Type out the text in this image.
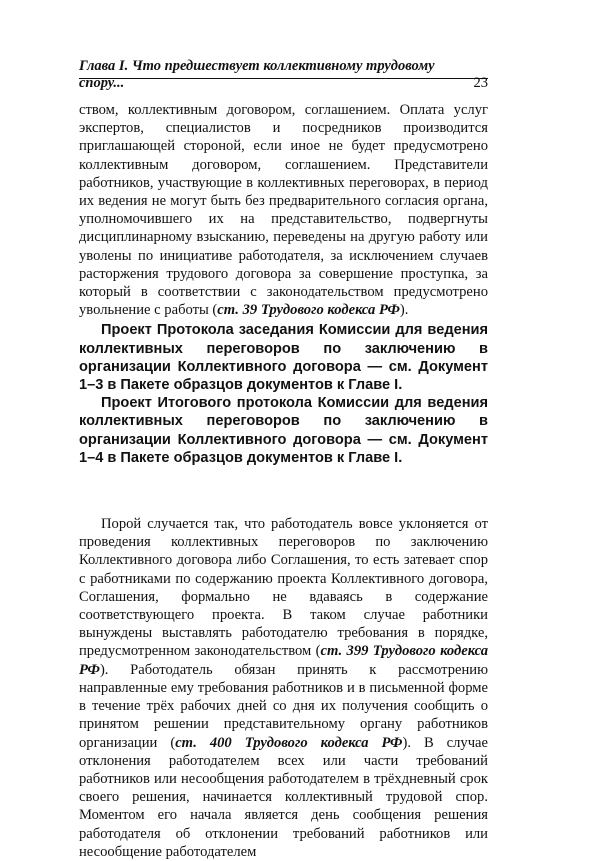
Глава I. Что предшествует коллективному трудовому спору...	23

ством, коллективным договором, соглашением. Оплата услуг экспертов, специалистов и посредников производится приглашающей стороной, если иное не будет предусмотрено коллективным договором, соглашением. Представители работников, участвующие в коллективных переговорах, в период их ведения не могут быть без предварительного согласия органа, уполномочившего их на представительство, подвергнуты дисциплинарному взысканию, переведены на другую работу или уволены по инициативе работодателя, за исключением случаев расторжения трудового договора за совершение проступка, за который в соответствии с законодательством предусмотрено увольнение с работы (ст. 39 Трудового кодекса РФ).

Проект Протокола заседания Комиссии для ведения коллективных переговоров по заключению в организации Коллективного договора — см. Документ 1–3 в Пакете образцов документов к Главе I.

Проект Итогового протокола Комиссии для ведения коллективных переговоров по заключению в организации Коллективного договора — см. Документ 1–4 в Пакете образцов документов к Главе I.

Порой случается так, что работодатель вовсе уклоняется от проведения коллективных переговоров по заключению Коллективного договора либо Соглашения, то есть затевает спор с работниками по содержанию проекта Коллективного договора, Соглашения, формально не вдаваясь в содержание соответствующего проекта. В таком случае работники вынуждены выставлять работодателю требования в порядке, предусмотренном законодательством (ст. 399 Трудового кодекса РФ). Работодатель обязан принять к рассмотрению направленные ему требования работников и в письменной форме в течение трёх рабочих дней со дня их получения сообщить о принятом решении представительному органу работников организации (ст. 400 Трудового кодекса РФ). В случае отклонения работодателем всех или части требований работников или несообщения работодателем в трёхдневный срок своего решения, начинается коллективный трудовой спор. Моментом его начала является день сообщения решения работодателя об отклонении требований работников или несообщение работодателем
